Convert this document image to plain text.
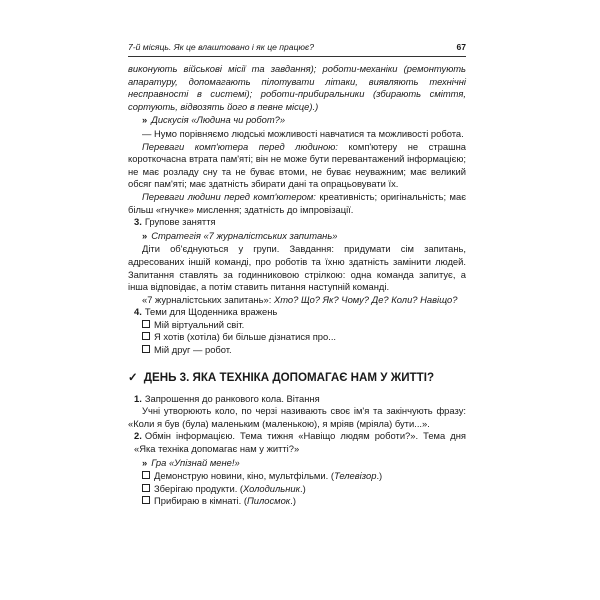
7-й місяць. Як це влаштовано і як це працює?	67

виконують військові місії та завдання); роботи-механіки (ремонтують апаратуру, допомагають пілотувати літаки, виявляють технічні несправності в системі); роботи-прибиральники (збирають сміття, сортують, відвозять його в певне місце).)

» Дискусія «Людина чи робот?»

— Нумо порівняємо людські можливості навчатися та можливості робота.

Переваги комп'ютера перед людиною: комп'ютеру не страшна короткочасна втрата пам'яті; він не може бути перевантажений інформацією; не має розладу сну та не буває втоми, не буває неуважним; має великий обсяг пам'яті; має здатність збирати дані та опрацьовувати їх.

Переваги людини перед комп'ютером: креативність; оригінальність; має більш «гнучке» мислення; здатність до імпровізації.

3. Групове заняття

» Стратегія «7 журналістських запитань»

Діти об'єднуються у групи. Завдання: придумати сім запитань, адресованих іншій команді, про роботів та їхню здатність замінити людей. Запитання ставлять за годинниковою стрілкою: одна команда запитує, а інша відповідає, а потім ставить питання наступній команді.

«7 журналістських запитань»: Хто? Що? Як? Чому? Де? Коли? Навіщо?

4. Теми для Щоденника вражень

Мій віртуальний світ.

Я хотів (хотіла) би більше дізнатися про...

Мій друг — робот.

✓ ДЕНЬ 3. ЯКА ТЕХНІКА ДОПОМАГАЄ НАМ У ЖИТТІ?

1. Запрошення до ранкового кола. Вітання

Учні утворюють коло, по черзі називають своє ім'я та закінчують фразу: «Коли я був (була) маленьким (маленькою), я мріяв (мріяла) бути...».

2. Обмін інформацією. Тема тижня «Навіщо людям роботи?». Тема дня «Яка техніка допомагає нам у житті?»

» Гра «Упізнай мене!»

Демонструю новини, кіно, мультфільми. (Телевізор.)

Зберігаю продукти. (Холодильник.)

Прибираю в кімнаті. (Пилосмок.)
